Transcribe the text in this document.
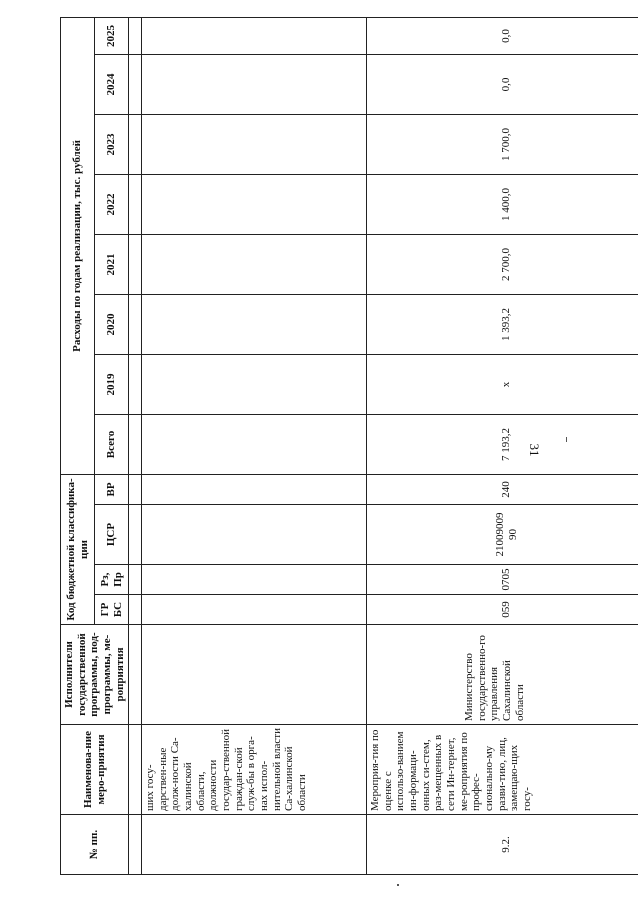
31
№ пп.	Наименова-ние меро-приятия	Исполнители государственной программы, под-программы, ме-роприятия	Код бюджетной классифика-ции				Расходы по годам реализации, тыс. рублей							
			ГР БС	Рз, Пр	ЦСР	ВР	Всего	2019	2020	2021	2022	2023	2024	2025

	ших госу-дарствен-ные долж-ности Са-халинской области, должности государ-ственной граждан-ской служ-бы в орга-нах испол-нительной власти Са-халинской области													
9.2.	Мероприя-тия по оценке с использо-ванием ин-формаци-онных си-стем, раз-мещенных в сети Ин-тернет, ме-роприятия по профес-сионально-му разви-тию, лиц, замещаю-щих госу-	Министерство государственно-го управления Сахалинской области	059	0705	21009009 90	240	7 193,2	x	1 393,2	2 700,0	1 400,0	1 700,0	0,0	0,0
